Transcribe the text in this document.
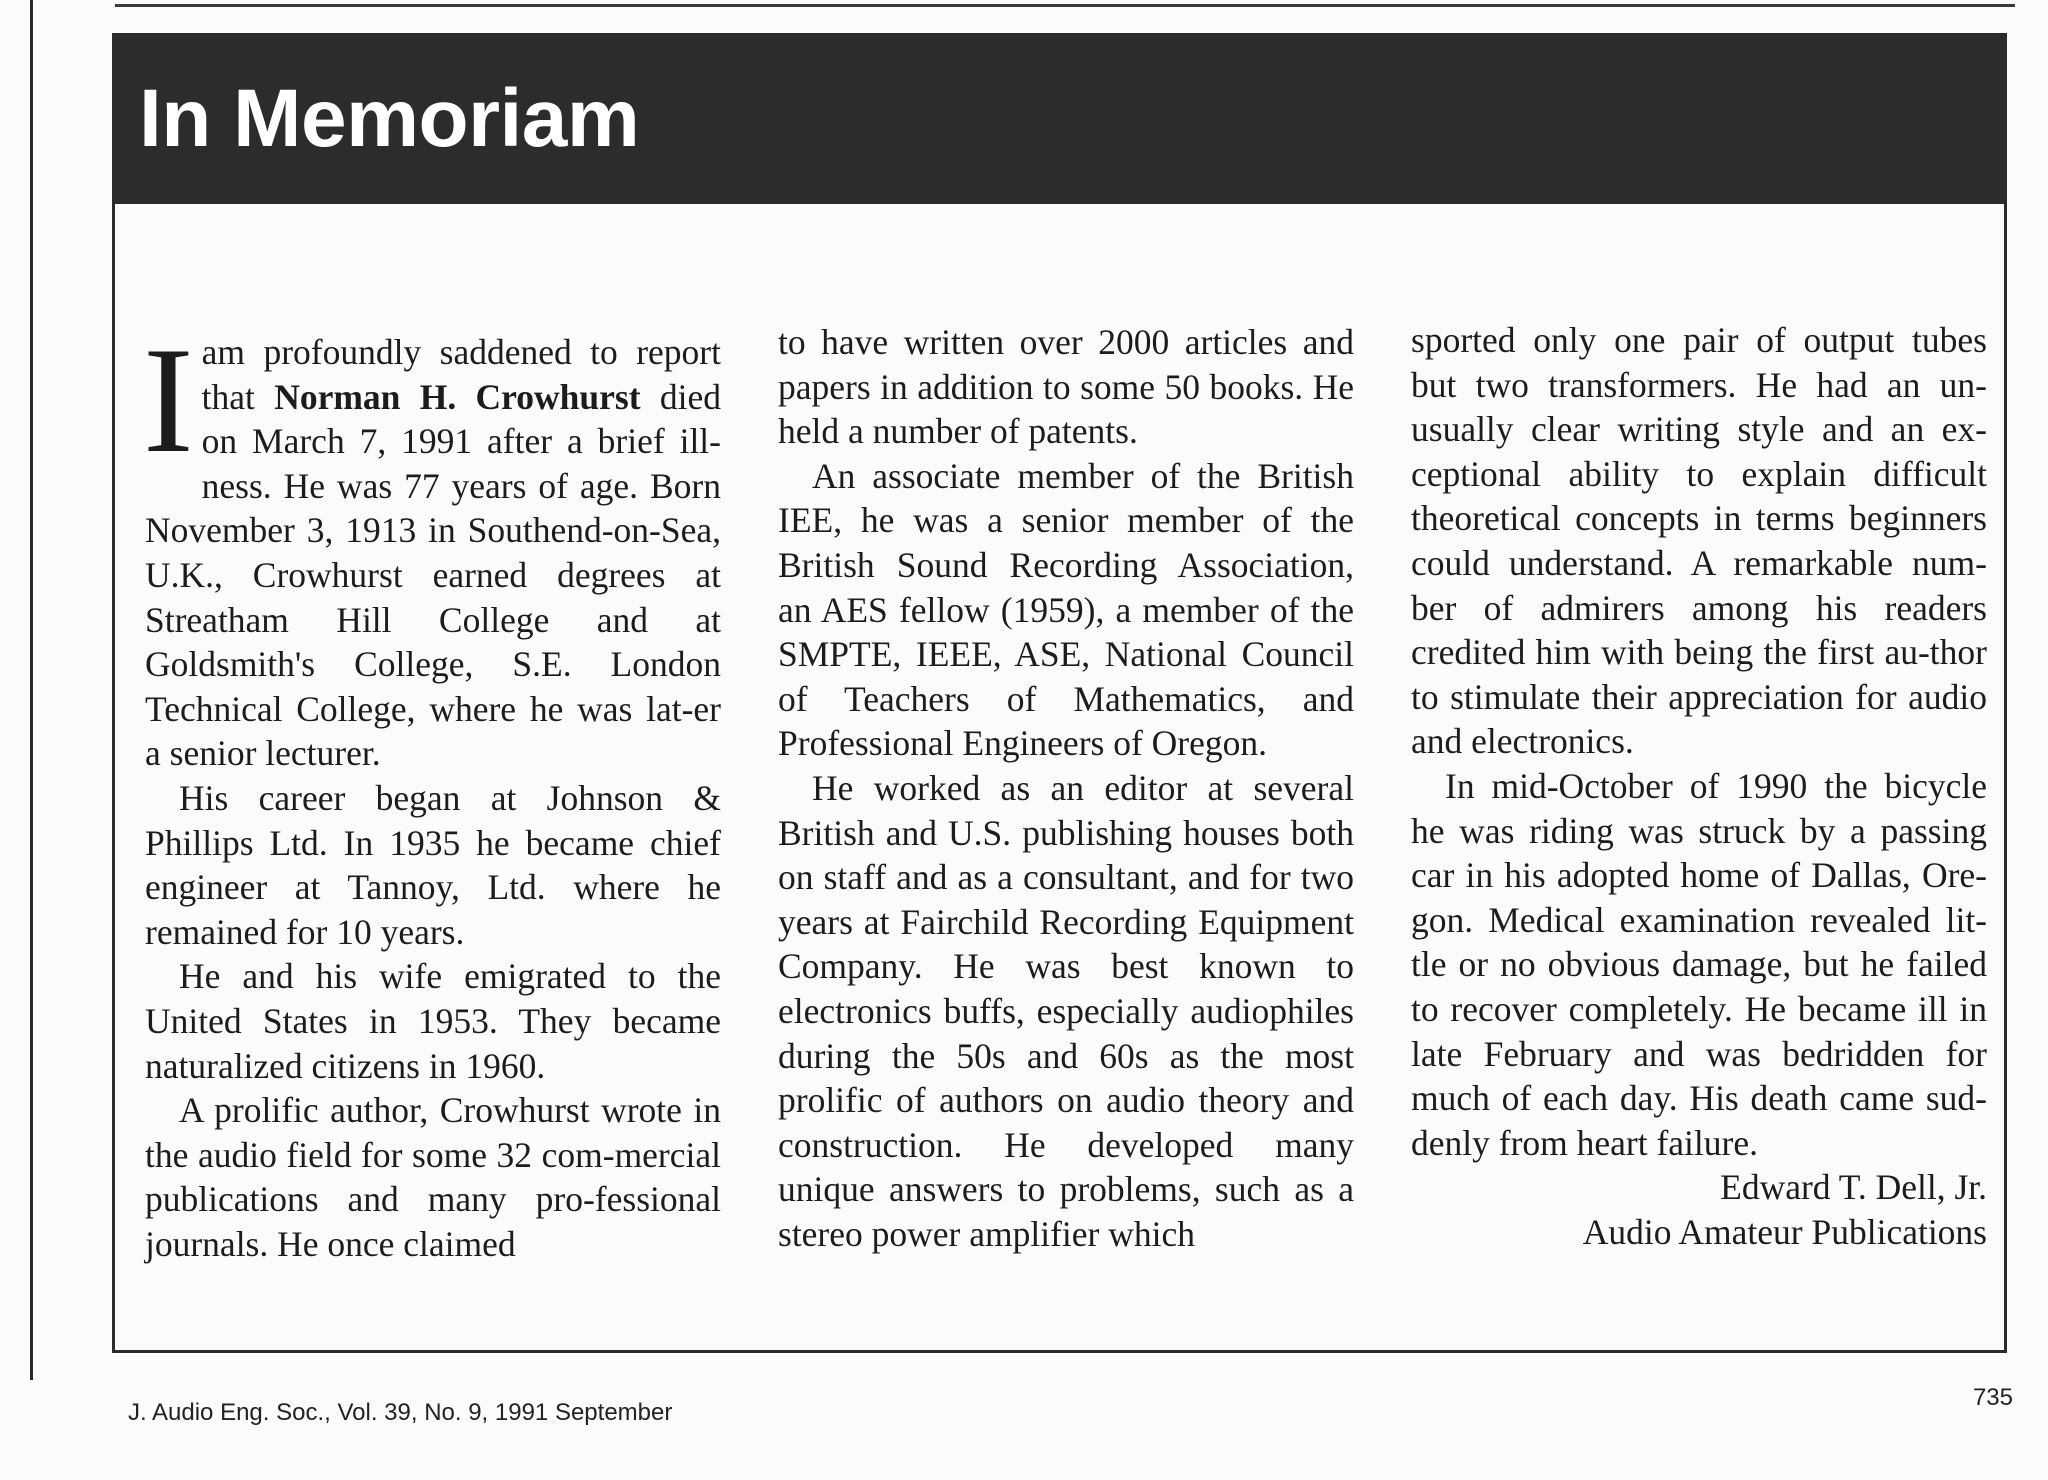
In Memoriam

Iam profoundly saddened to report that Norman H. Crowhurst died on March 7, 1991 after a brief ill-ness. He was 77 years of age. Born November 3, 1913 in Southend-on-Sea, U.K., Crowhurst earned degrees at Streatham Hill College and at Goldsmith's College, S.E. London Technical College, where he was lat-er a senior lecturer.

His career began at Johnson & Phillips Ltd. In 1935 he became chief engineer at Tannoy, Ltd. where he remained for 10 years.

He and his wife emigrated to the United States in 1953. They became naturalized citizens in 1960.

A prolific author, Crowhurst wrote in the audio field for some 32 com-mercial publications and many pro-fessional journals. He once claimed

to have written over 2000 articles and papers in addition to some 50 books. He held a number of patents.

An associate member of the British IEE, he was a senior member of the British Sound Recording Association, an AES fellow (1959), a member of the SMPTE, IEEE, ASE, National Council of Teachers of Mathematics, and Professional Engineers of Oregon.

He worked as an editor at several British and U.S. publishing houses both on staff and as a consultant, and for two years at Fairchild Recording Equipment Company. He was best known to electronics buffs, especially audiophiles during the 50s and 60s as the most prolific of authors on audio theory and construction. He developed many unique answers to problems, such as a stereo power amplifier which

sported only one pair of output tubes but two transformers. He had an un-usually clear writing style and an ex-ceptional ability to explain difficult theoretical concepts in terms beginners could understand. A remarkable num-ber of admirers among his readers credited him with being the first au-thor to stimulate their appreciation for audio and electronics.

In mid-October of 1990 the bicycle he was riding was struck by a passing car in his adopted home of Dallas, Ore-gon. Medical examination revealed lit-tle or no obvious damage, but he failed to recover completely. He became ill in late February and was bedridden for much of each day. His death came sud-denly from heart failure.

Edward T. Dell, Jr.
Audio Amateur Publications
J. Audio Eng. Soc., Vol. 39, No. 9, 1991 September
735
